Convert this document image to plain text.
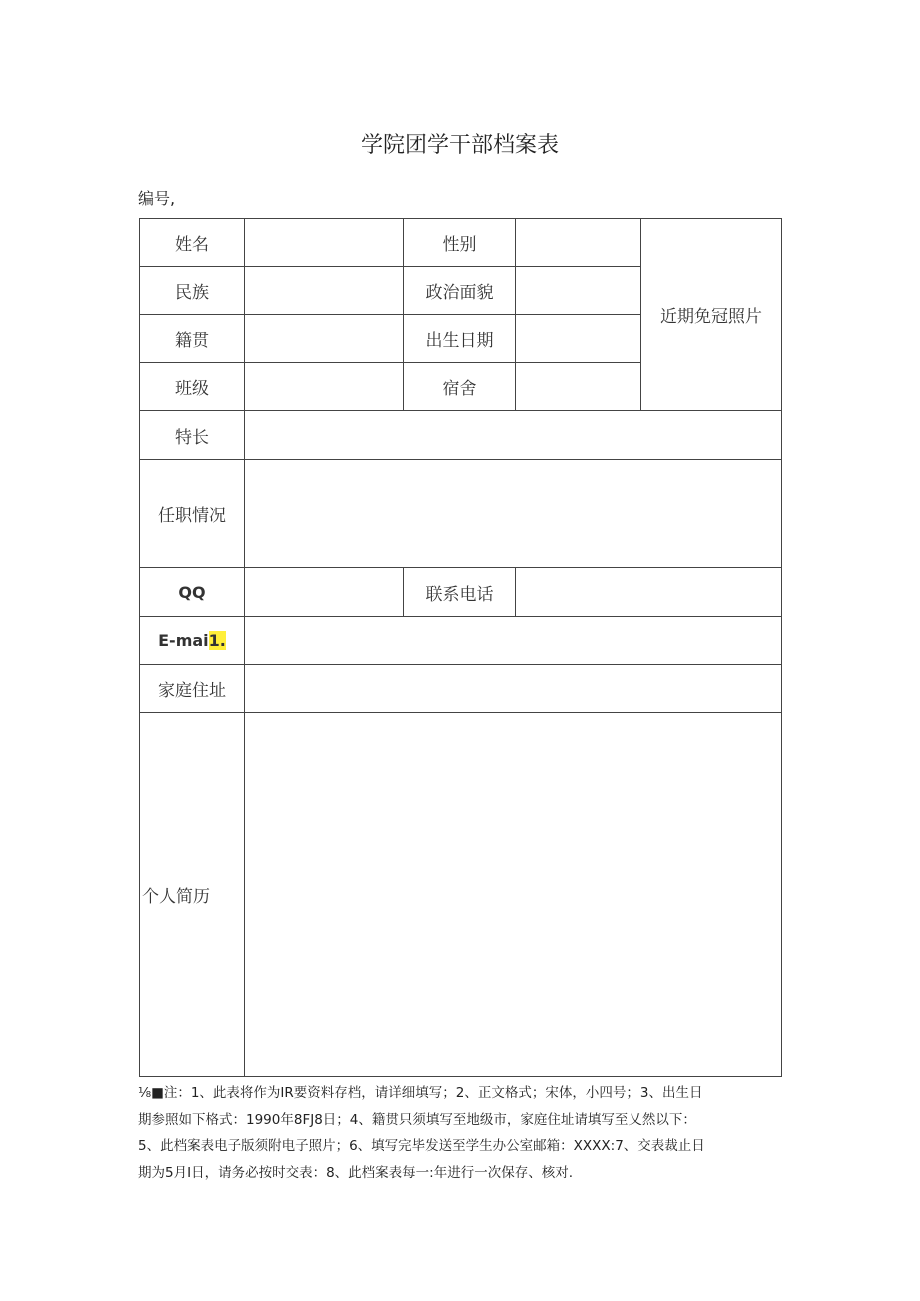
学院团学干部档案表
编号,
姓名		性别		近期免冠照片
民族		政治面貌		
籍贯		出生日期		
班级		宿舍		
特长				
任职情况				
QQ		联系电话		
E-mai1.				
家庭住址				
个人简历				
⅛■注：1、此表将作为IR要资料存档，请详细填写；2、正文格式；宋体，小四号；3、出生日
期参照如下格式：1990年8FJ8日；4、籍贯只须填写至地级市，家庭住址请填写至乂然以下：
5、此档案表电子版须附电子照片；6、填写完毕发送至学生办公室邮箱：XXXX:7、交表裁止日
期为5月I日，请务必按时交表：8、此档案表每一:年进行一次保存、核对.
